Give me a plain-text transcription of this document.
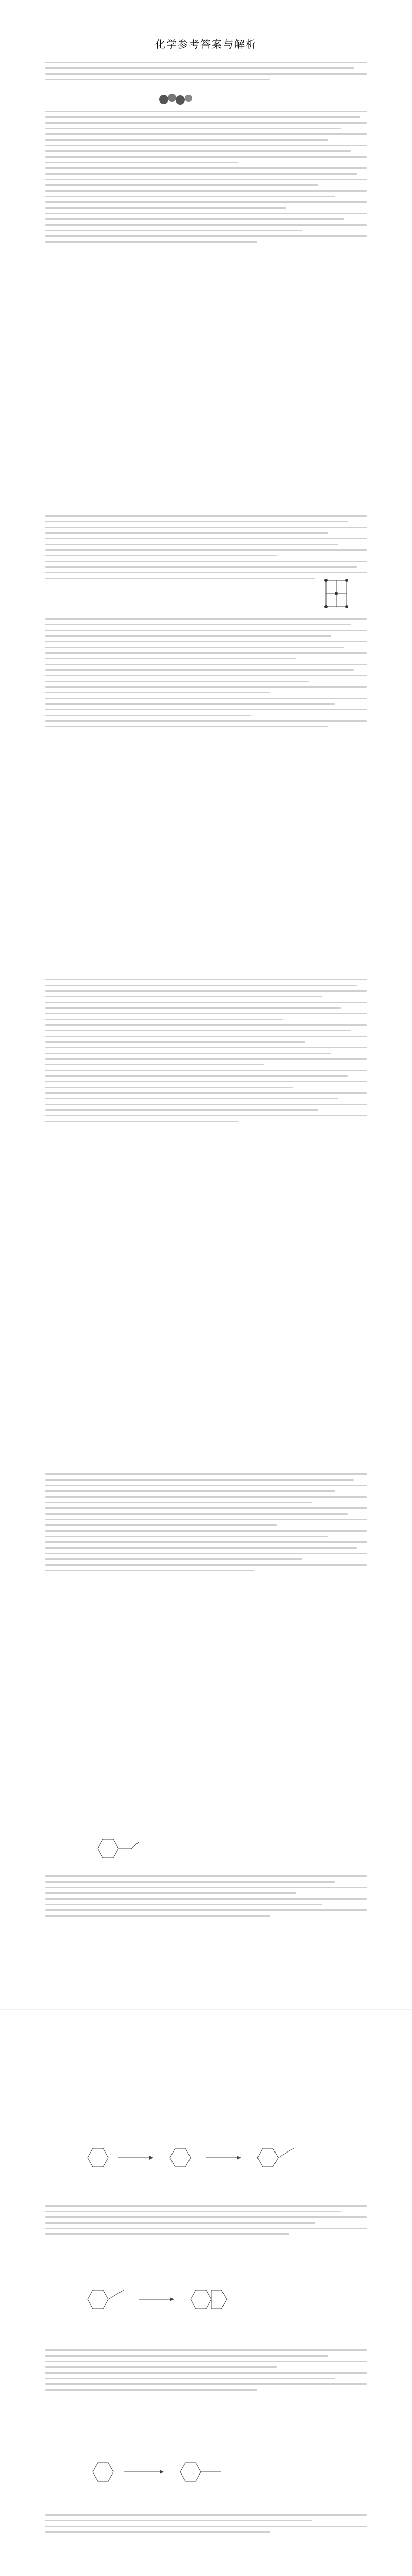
化学参考答案与解析
